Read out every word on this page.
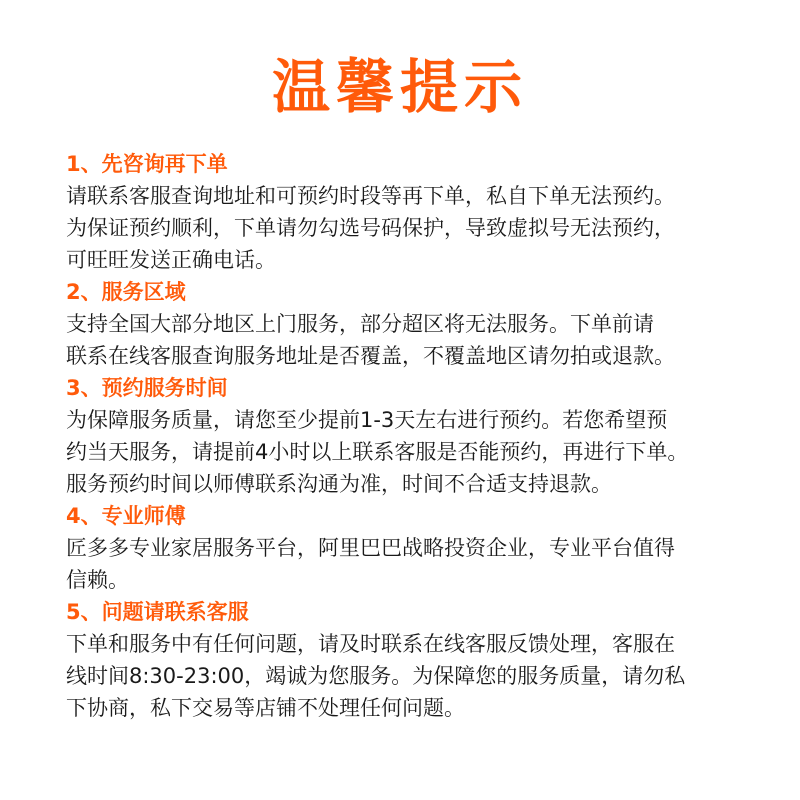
温馨提示
1、先咨询再下单
请联系客服查询地址和可预约时段等再下单，私自下单无法预约。
为保证预约顺利，下单请勿勾选号码保护，导致虚拟号无法预约，
可旺旺发送正确电话。
2、服务区域
支持全国大部分地区上门服务，部分超区将无法服务。下单前请
联系在线客服查询服务地址是否覆盖，不覆盖地区请勿拍或退款。
3、预约服务时间
为保障服务质量，请您至少提前1-3天左右进行预约。若您希望预
约当天服务，请提前4小时以上联系客服是否能预约，再进行下单。
服务预约时间以师傅联系沟通为准，时间不合适支持退款。
4、专业师傅
匠多多专业家居服务平台，阿里巴巴战略投资企业，专业平台值得
信赖。
5、问题请联系客服
下单和服务中有任何问题，请及时联系在线客服反馈处理，客服在
线时间8:30-23:00，竭诚为您服务。为保障您的服务质量，请勿私
下协商，私下交易等店铺不处理任何问题。
